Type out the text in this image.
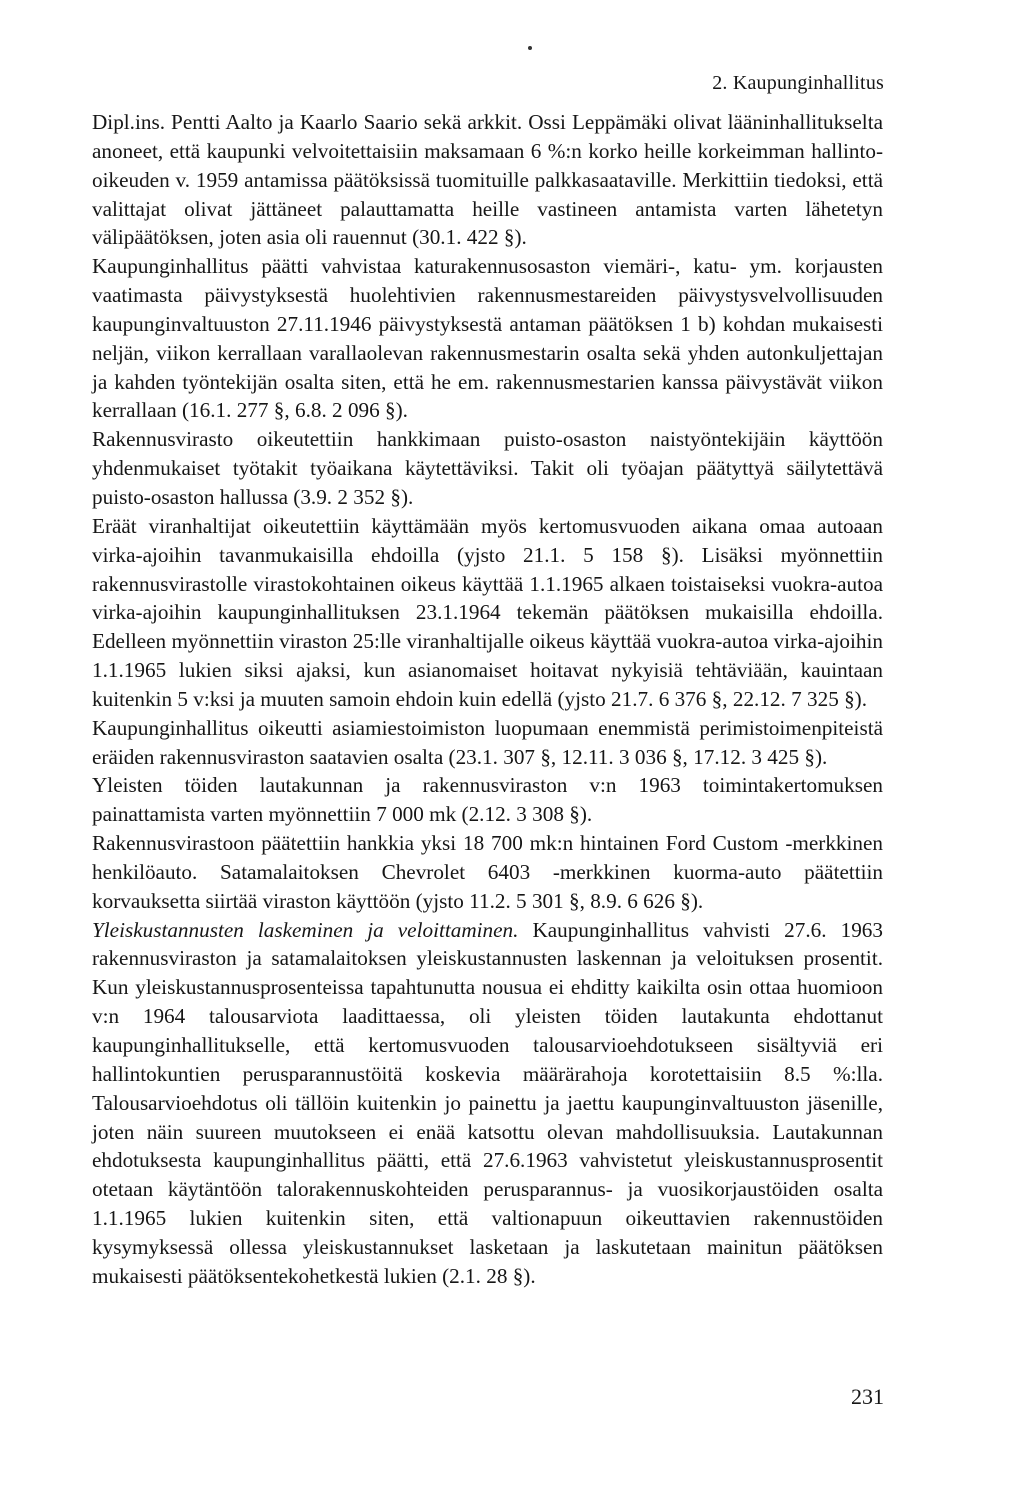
2. Kaupunginhallitus

Dipl.ins. Pentti Aalto ja Kaarlo Saario sekä arkkit. Ossi Leppämäki olivat lääninhallitukselta anoneet, että kaupunki velvoitettaisiin maksamaan 6 %:n korko heille korkeimman hallinto-oikeuden v. 1959 antamissa päätöksissä tuomituille palkkasaataville. Merkittiin tiedoksi, että valittajat olivat jättäneet palauttamatta heille vastineen antamista varten lähetetyn välipäätöksen, joten asia oli rauennut (30.1. 422 §).

Kaupunginhallitus päätti vahvistaa katurakennusosaston viemäri-, katu- ym. korjausten vaatimasta päivystyksestä huolehtivien rakennusmestareiden päivystysvelvollisuuden kaupunginvaltuuston 27.11.1946 päivystyksestä antaman päätöksen 1 b) kohdan mukaisesti neljän, viikon kerrallaan varallaolevan rakennusmestarin osalta sekä yhden autonkuljettajan ja kahden työntekijän osalta siten, että he em. rakennusmestarien kanssa päivystävät viikon kerrallaan (16.1. 277 §, 6.8. 2 096 §).

Rakennusvirasto oikeutettiin hankkimaan puisto-osaston naistyöntekijäin käyttöön yhdenmukaiset työtakit työaikana käytettäviksi. Takit oli työajan päätyttyä säilytettävä puisto-osaston hallussa (3.9. 2 352 §).

Eräät viranhaltijat oikeutettiin käyttämään myös kertomusvuoden aikana omaa autoaan virka-ajoihin tavanmukaisilla ehdoilla (yjsto 21.1. 5 158 §). Lisäksi myönnettiin rakennusvirastolle virastokohtainen oikeus käyttää 1.1.1965 alkaen toistaiseksi vuokra-autoa virka-ajoihin kaupunginhallituksen 23.1.1964 tekemän päätöksen mukaisilla ehdoilla. Edelleen myönnettiin viraston 25:lle viranhaltijalle oikeus käyttää vuokra-autoa virka-ajoihin 1.1.1965 lukien siksi ajaksi, kun asianomaiset hoitavat nykyisiä tehtäviään, kauintaan kuitenkin 5 v:ksi ja muuten samoin ehdoin kuin edellä (yjsto 21.7. 6 376 §, 22.12. 7 325 §).

Kaupunginhallitus oikeutti asiamiestoimiston luopumaan enemmistä perimistoimenpiteistä eräiden rakennusviraston saatavien osalta (23.1. 307 §, 12.11. 3 036 §, 17.12. 3 425 §).

Yleisten töiden lautakunnan ja rakennusviraston v:n 1963 toimintakertomuksen painattamista varten myönnettiin 7 000 mk (2.12. 3 308 §).

Rakennusvirastoon päätettiin hankkia yksi 18 700 mk:n hintainen Ford Custom -merkkinen henkilöauto. Satamalaitoksen Chevrolet 6403 -merkkinen kuorma-auto päätettiin korvauksetta siirtää viraston käyttöön (yjsto 11.2. 5 301 §, 8.9. 6 626 §).

Yleiskustannusten laskeminen ja veloittaminen. Kaupunginhallitus vahvisti 27.6. 1963 rakennusviraston ja satamalaitoksen yleiskustannusten laskennan ja veloituksen prosentit. Kun yleiskustannusprosenteissa tapahtunutta nousua ei ehditty kaikilta osin ottaa huomioon v:n 1964 talousarviota laadittaessa, oli yleisten töiden lautakunta ehdottanut kaupunginhallitukselle, että kertomusvuoden talousarvioehdotukseen sisältyviä eri hallintokuntien perusparannustöitä koskevia määrärahoja korotettaisiin 8.5 %:lla. Talousarvioehdotus oli tällöin kuitenkin jo painettu ja jaettu kaupunginvaltuuston jäsenille, joten näin suureen muutokseen ei enää katsottu olevan mahdollisuuksia. Lautakunnan ehdotuksesta kaupunginhallitus päätti, että 27.6.1963 vahvistetut yleiskustannusprosentit otetaan käytäntöön talorakennuskohteiden perusparannus- ja vuosikorjaustöiden osalta 1.1.1965 lukien kuitenkin siten, että valtionapuun oikeuttavien rakennustöiden kysymyksessä ollessa yleiskustannukset lasketaan ja laskutetaan mainitun päätöksen mukaisesti päätöksentekohetkestä lukien (2.1. 28 §).

231
